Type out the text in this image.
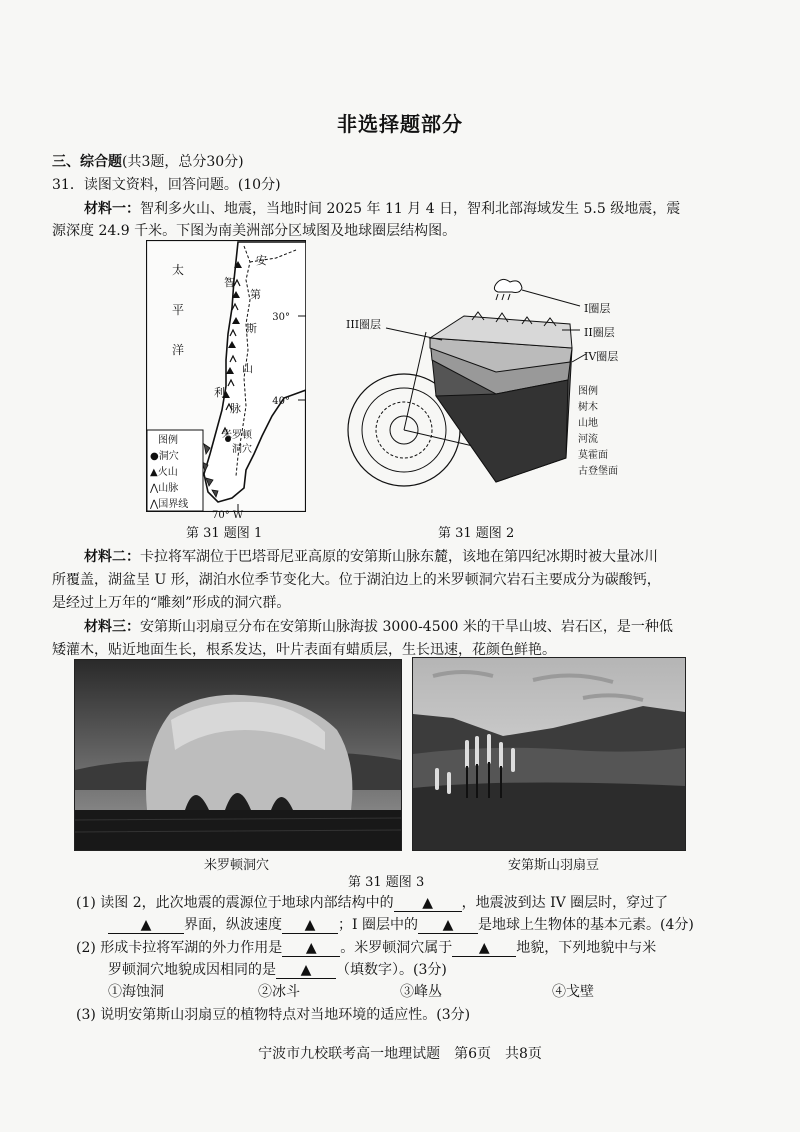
非选择题部分
三、综合题(共3题，总分30分)
31．读图文资料，回答问题。(10分)
材料一：智利多火山、地震，当地时间 2025 年 11 月 4 日，智利北部海域发生 5.5 级地震，震
源深度 24.9 千米。下图为南美洲部分区域图及地球圈层结构图。
太
平
洋
安
第
斯
山
脉
智
利
米罗顿
洞穴
30°
40°
图例
●洞穴
▲火山
⋀山脉
⋀国界线
70° W
I圈层
II圈层
III圈层
IV圈层
图例
树木
山地
河流
莫霍面
古登堡面
第 31 题图 1	第 31 题图 2
材料二：卡拉将军湖位于巴塔哥尼亚高原的安第斯山脉东麓，该地在第四纪冰期时被大量冰川
所覆盖，湖盆呈 U 形，湖泊水位季节变化大。位于湖泊边上的米罗顿洞穴岩石主要成分为碳酸钙，
是经过上万年的“雕刻”形成的洞穴群。
材料三：安第斯山羽扇豆分布在安第斯山脉海拔 3000-4500 米的干旱山坡、岩石区，是一种低
矮灌木，贴近地面生长，根系发达，叶片表面有蜡质层，生长迅速，花颜色鲜艳。
米罗顿洞穴	安第斯山羽扇豆
第 31 题图 3
(1) 读图 2，此次地震的震源位于地球内部结构中的 ▲ ，地震波到达 IV 圈层时，穿过了
▲ 界面，纵波速度 ▲ ；I 圈层中的 ▲ 是地球上生物体的基本元素。(4分)
(2) 形成卡拉将军湖的外力作用是 ▲ 。米罗顿洞穴属于 ▲ 地貌，下列地貌中与米
罗顿洞穴地貌成因相同的是 ▲ （填数字）。(3分)
①海蚀洞	②冰斗	③峰丛	④戈壁
(3) 说明安第斯山羽扇豆的植物特点对当地环境的适应性。(3分)
宁波市九校联考高一地理试题　第6页　共8页
